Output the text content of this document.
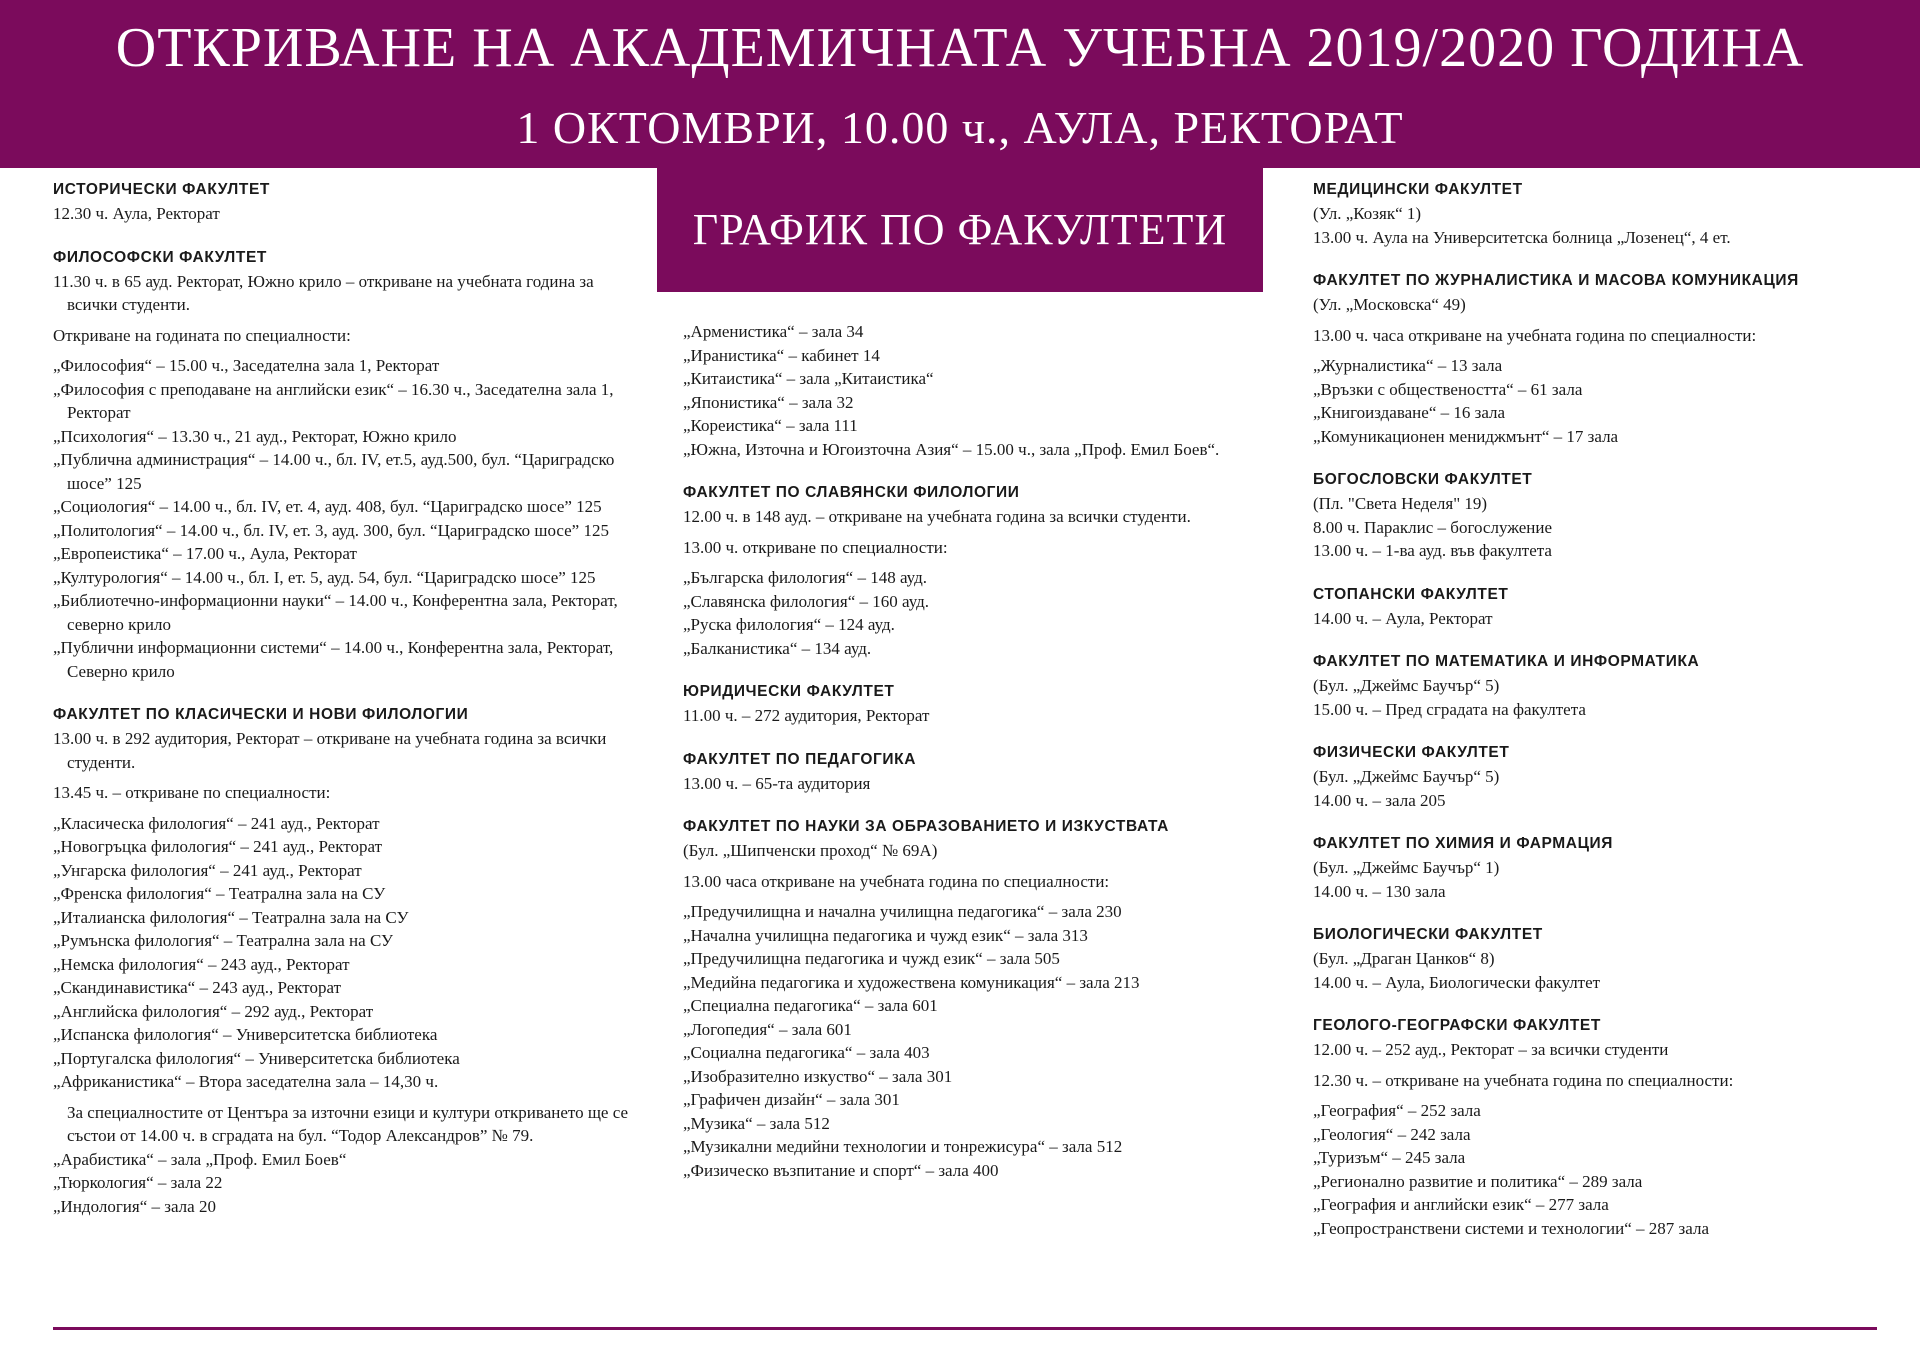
ОТКРИВАНЕ НА АКАДЕМИЧНАТА УЧЕБНА 2019/2020 ГОДИНА
1 ОКТОМВРИ, 10.00 ч., АУЛА, РЕКТОРАТ
ГРАФИК ПО ФАКУЛТЕТИ
ИСТОРИЧЕСКИ ФАКУЛТЕТ
12.30 ч. Аула, Ректорат
ФИЛОСОФСКИ ФАКУЛТЕТ
11.30 ч. в 65 ауд. Ректорат, Южно крило – откриване на учебната година за всички студенти.
Откриване на годината по специалности:
„Философия“ – 15.00 ч., Заседателна зала 1, Ректорат
„Философия с преподаване на английски език“ – 16.30 ч., Заседателна зала 1, Ректорат
„Психология“ – 13.30 ч., 21 ауд., Ректорат, Южно крило
„Публична администрация“ – 14.00 ч., бл. IV, ет.5, ауд.500, бул. “Цариградско шосе” 125
„Социология“ – 14.00 ч., бл. IV, ет. 4, ауд. 408, бул. “Цариградско шосе” 125
„Политология“ – 14.00 ч., бл. IV, ет. 3, ауд. 300, бул. “Цариградско шосе” 125
„Европеистика“ – 17.00 ч., Аула, Ректорат
„Културология“ – 14.00 ч., бл. I, ет. 5, ауд. 54, бул. “Цариградско шосе” 125
„Библиотечно-информационни науки“ – 14.00 ч., Конферентна зала, Ректорат, северно крило
„Публични информационни системи“ – 14.00 ч., Конферентна зала, Ректорат, Северно крило
ФАКУЛТЕТ ПО КЛАСИЧЕСКИ И НОВИ ФИЛОЛОГИИ
13.00 ч. в 292 аудитория, Ректорат – откриване на учебната година за всички студенти.
13.45 ч. – откриване по специалности:
„Класическа филология“ – 241 ауд., Ректорат
„Новогръцка филология“ – 241 ауд., Ректорат
„Унгарска филология“ – 241 ауд., Ректорат
„Френска филология“ – Театрална зала на СУ
„Италианска филология“ – Театрална зала на СУ
„Румънска филология“ – Театрална зала на СУ
„Немска филология“ – 243 ауд., Ректорат
„Скандинавистика“ – 243 ауд., Ректорат
„Английска филология“ – 292 ауд., Ректорат
„Испанска филология“ – Университетска библиотека
„Португалска филология“ – Университетска библиотека
„Африканистика“ – Втора заседателна зала – 14,30 ч.
За специалностите от Центъра за източни езици и култури откриването ще се състои от 14.00 ч. в сградата на бул. “Тодор Александров” № 79.
„Арабистика“ – зала „Проф. Емил Боев“
„Тюркология“ – зала 22
„Индология“ – зала 20
„Арменистика“ – зала 34
„Иранистика“ – кабинет 14
„Китаистика“ – зала „Китаистика“
„Японистика“ – зала 32
„Кореистика“ – зала 111
„Южна, Източна и Югоизточна Азия“ – 15.00 ч., зала „Проф. Емил Боев“.
ФАКУЛТЕТ ПО СЛАВЯНСКИ ФИЛОЛОГИИ
12.00 ч. в 148 ауд. – откриване на учебната година за всички студенти.
13.00 ч. откриване по специалности:
„Българска филология“ – 148 ауд.
„Славянска филология“ – 160 ауд.
„Руска филология“ – 124 ауд.
„Балканистика“ – 134 ауд.
ЮРИДИЧЕСКИ ФАКУЛТЕТ
11.00 ч. – 272 аудитория, Ректорат
ФАКУЛТЕТ ПО ПЕДАГОГИКА
13.00 ч. – 65-та аудитория
ФАКУЛТЕТ ПО НАУКИ ЗА ОБРАЗОВАНИЕТО И ИЗКУСТВАТА
(Бул. „Шипченски проход“ № 69А)
13.00 часа откриване на учебната година по специалности:
„Предучилищна и начална училищна педагогика“ – зала 230
„Начална училищна педагогика и чужд език“ – зала 313
„Предучилищна педагогика и чужд език“ – зала 505
„Медийна педагогика и художествена комуникация“ – зала 213
„Специална педагогика“ – зала 601
„Логопедия“ – зала 601
„Социална педагогика“ – зала 403
„Изобразително изкуство“ – зала 301
„Графичен дизайн“ – зала 301
„Музика“ – зала 512
„Музикални медийни технологии и тонрежисура“ – зала 512
„Физическо възпитание и спорт“ – зала 400
МЕДИЦИНСКИ ФАКУЛТЕТ
(Ул. „Козяк“ 1)
13.00 ч. Аула на Университетска болница „Лозенец“, 4 ет.
ФАКУЛТЕТ ПО ЖУРНАЛИСТИКА И МАСОВА КОМУНИКАЦИЯ
(Ул. „Московска“ 49)
13.00 ч. часа откриване на учебната година по специалности:
„Журналистика“ – 13 зала
„Връзки с обществеността“ – 61 зала
„Книгоиздаване“ – 16 зала
„Комуникационен мениджмънт“ – 17 зала
БОГОСЛОВСКИ ФАКУЛТЕТ
(Пл. "Света Неделя" 19)
8.00 ч. Параклис – богослужение
13.00 ч. – 1-ва ауд. във факултета
СТОПАНСКИ ФАКУЛТЕТ
14.00 ч. – Аула, Ректорат
ФАКУЛТЕТ ПО МАТЕМАТИКА И ИНФОРМАТИКА
(Бул. „Джеймс Баучър“ 5)
15.00 ч. – Пред сградата на факултета
ФИЗИЧЕСКИ ФАКУЛТЕТ
(Бул. „Джеймс Баучър“ 5)
14.00 ч. – зала 205
ФАКУЛТЕТ ПО ХИМИЯ И ФАРМАЦИЯ
(Бул. „Джеймс Баучър“ 1)
14.00 ч. – 130 зала
БИОЛОГИЧЕСКИ ФАКУЛТЕТ
(Бул. „Драган Цанков“ 8)
14.00 ч. – Аула, Биологически факултет
ГЕОЛОГО-ГЕОГРАФСКИ ФАКУЛТЕТ
12.00 ч. – 252 ауд., Ректорат – за всички студенти
12.30 ч. – откриване на учебната година по специалности:
„География“ – 252 зала
„Геология“ – 242 зала
„Туризъм“ – 245 зала
„Регионално развитие и политика“ – 289 зала
„География и английски език“ – 277 зала
„Геопространствени системи и технологии“ – 287 зала
